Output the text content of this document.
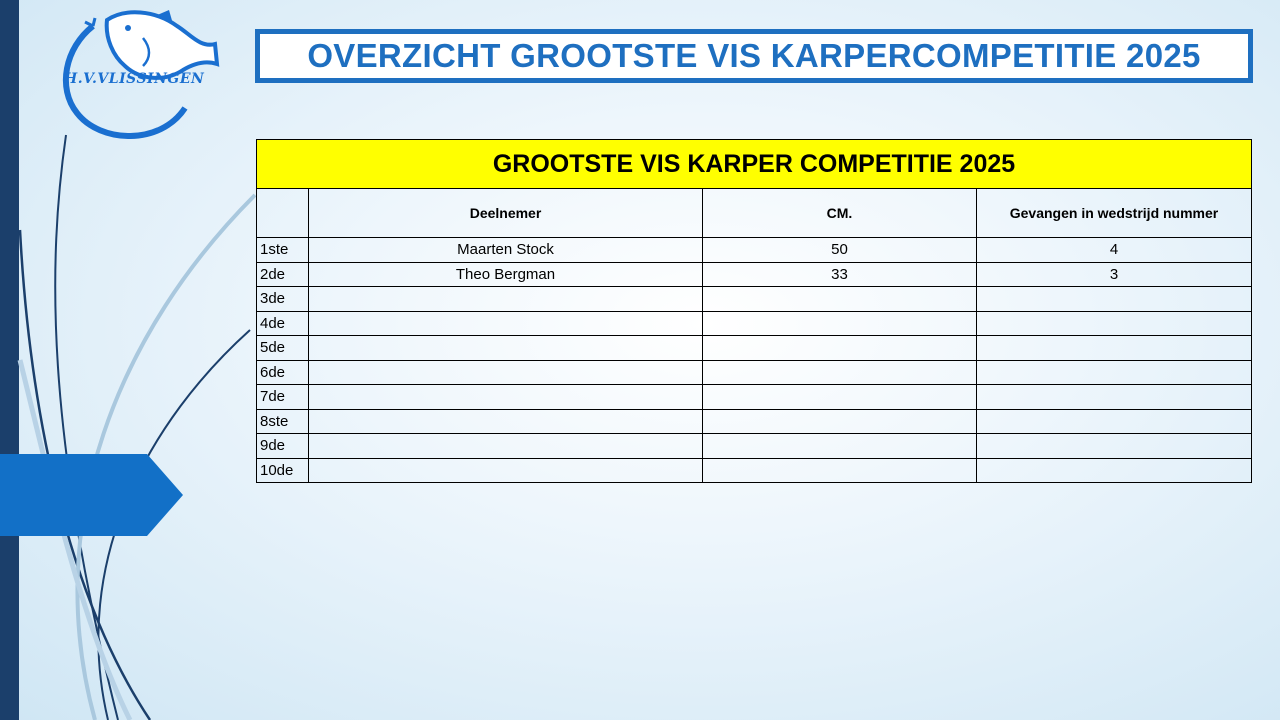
H.V.VLISSINGEN
OVERZICHT GROOTSTE VIS KARPERCOMPETITIE 2025
GROOTSTE VIS KARPER COMPETITIE 2025			
	Deelnemer	CM.	Gevangen in wedstrijd nummer
1ste	Maarten Stock	50	4
2de	Theo Bergman	33	3
3de			
4de			
5de			
6de			
7de			
8ste			
9de			
10de			
